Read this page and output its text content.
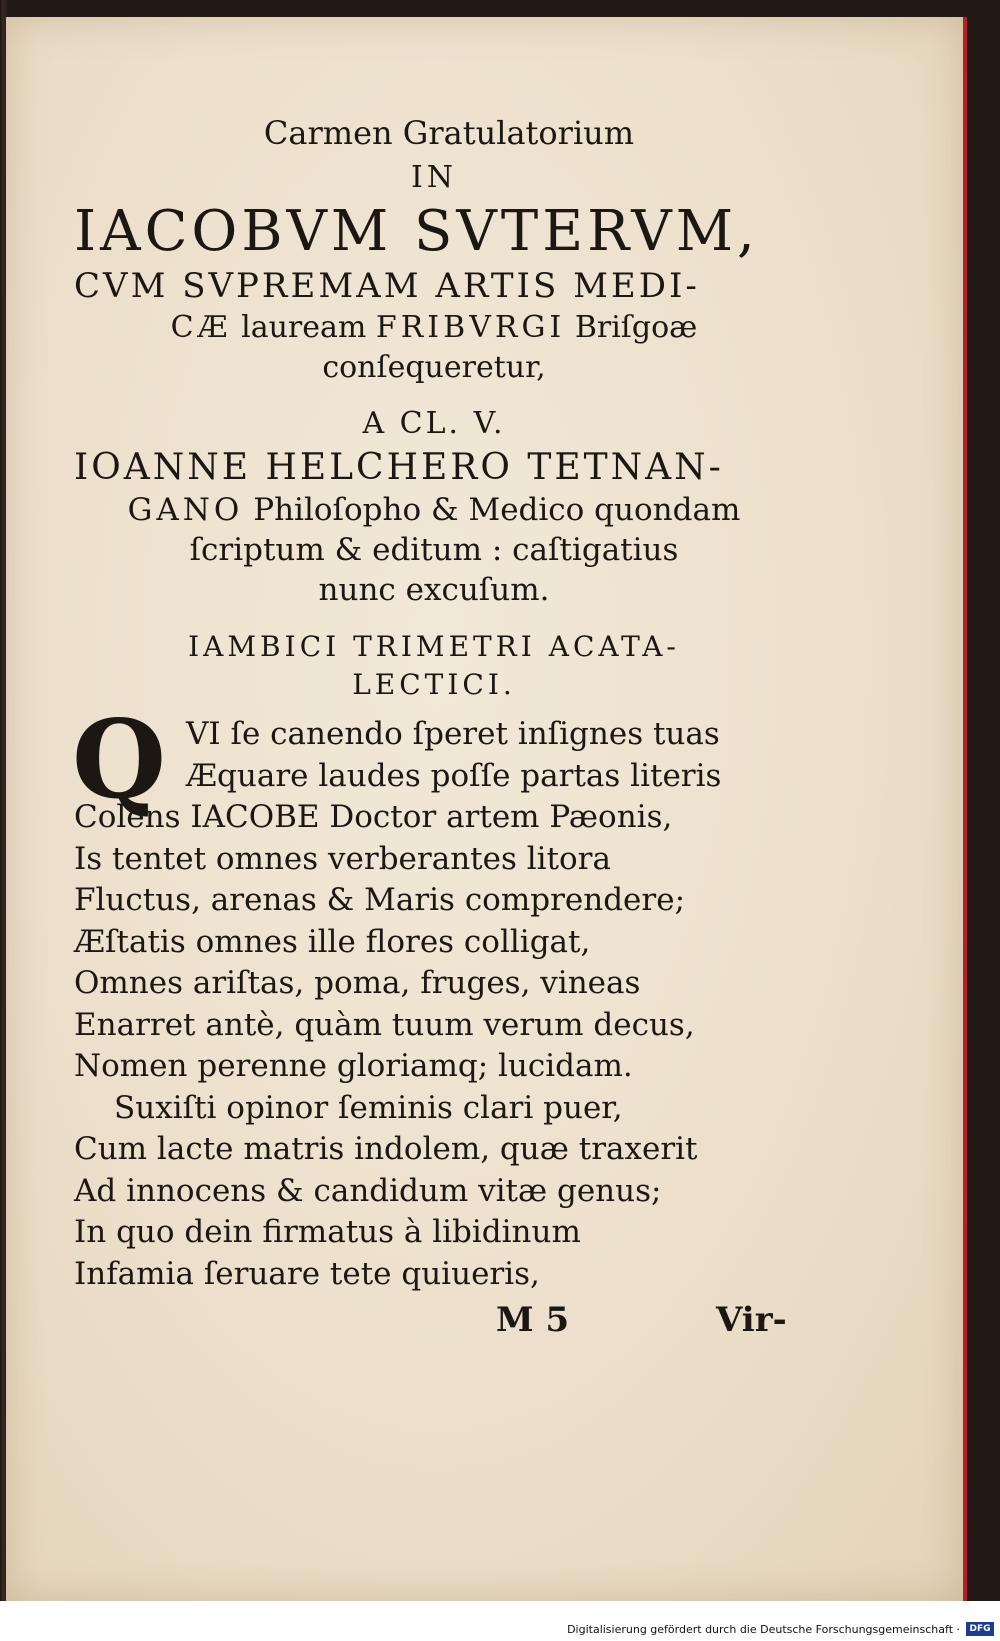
Carmen Gratulatorium
IN
IACOBVM SVTERVM,
CVM SVPREMAM ARTIS MEDI-
CÆ lauream FRIBVRGI Briſgoæ
conſequeretur,
A CL. V.
IOANNE HELCHERO TETNAN-
GANO Philoſopho & Medico quondam
ſcriptum & editum : caſtigatius
nunc excuſum.
IAMBICI TRIMETRI ACATA-
LECTICI.
Q VI ſe canendo ſperet inſignes tuas
Æquare laudes poſſe partas literis
Colens IACOBE Doctor artem Pæonis,
Is tentet omnes verberantes litora
Fluctus, arenas & Maris comprendere;
Æſtatis omnes ille flores colligat,
Omnes ariſtas, poma, fruges, vineas
Enarret antè, quàm tuum verum decus,
Nomen perenne gloriamq; lucidam.
Suxiſti opinor ſeminis clari puer,
Cum lacte matris indolem, quæ traxerit
Ad innocens & candidum vitæ genus;
In quo dein firmatus à libidinum
Infamia ſeruare tete quiueris,
M 5	Vir-
Digitalisierung gefördert durch die Deutsche Forschungsgemeinschaft ·	DFG
